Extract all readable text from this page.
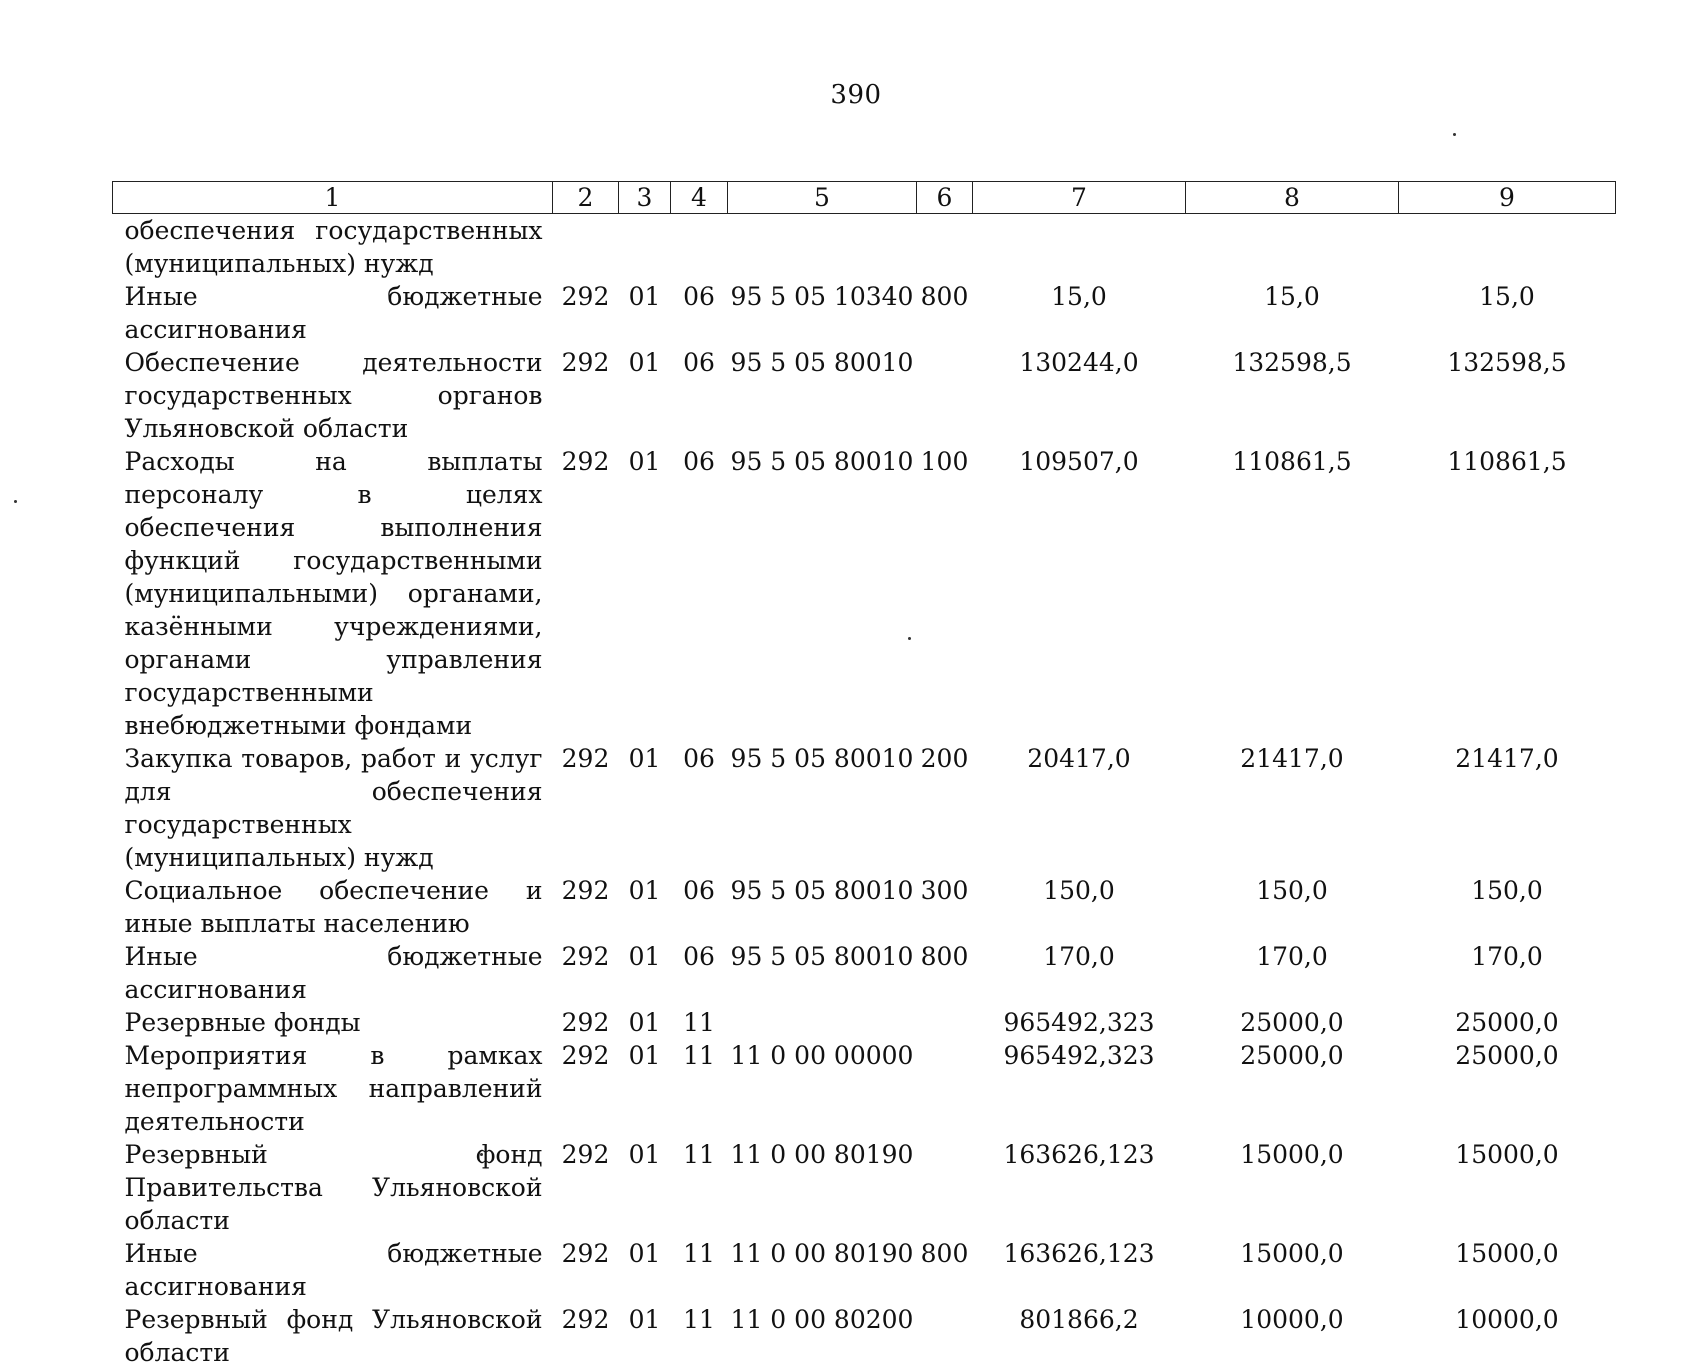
390
1	2	3	4	5	6	7	8	9
обеспечения государственных (муниципальных) нужд								
Иные бюджетные ассигнования	292	01	06	95 5 05 10340	800	15,0	15,0	15,0
Обеспечение деятельности государственных органов Ульяновской области	292	01	06	95 5 05 80010		130244,0	132598,5	132598,5
Расходы на выплаты персоналу в целях обеспечения выполнения функций государственными (муниципальными) органами, казёнными учреждениями, органами управления государственными внебюджетными фондами	292	01	06	95 5 05 80010	100	109507,0	110861,5	110861,5
Закупка товаров, работ и услуг для обеспечения государственных (муниципальных) нужд	292	01	06	95 5 05 80010	200	20417,0	21417,0	21417,0
Социальное обеспечение и иные выплаты населению	292	01	06	95 5 05 80010	300	150,0	150,0	150,0
Иные бюджетные ассигнования	292	01	06	95 5 05 80010	800	170,0	170,0	170,0
Резервные фонды	292	01	11			965492,323	25000,0	25000,0
Мероприятия в рамках непрограммных направлений деятельности	292	01	11	11 0 00 00000		965492,323	25000,0	25000,0
Резервный фонд Правительства Ульяновской области	292	01	11	11 0 00 80190		163626,123	15000,0	15000,0
Иные бюджетные ассигнования	292	01	11	11 0 00 80190	800	163626,123	15000,0	15000,0
Резервный фонд Ульяновской области	292	01	11	11 0 00 80200		801866,2	10000,0	10000,0
